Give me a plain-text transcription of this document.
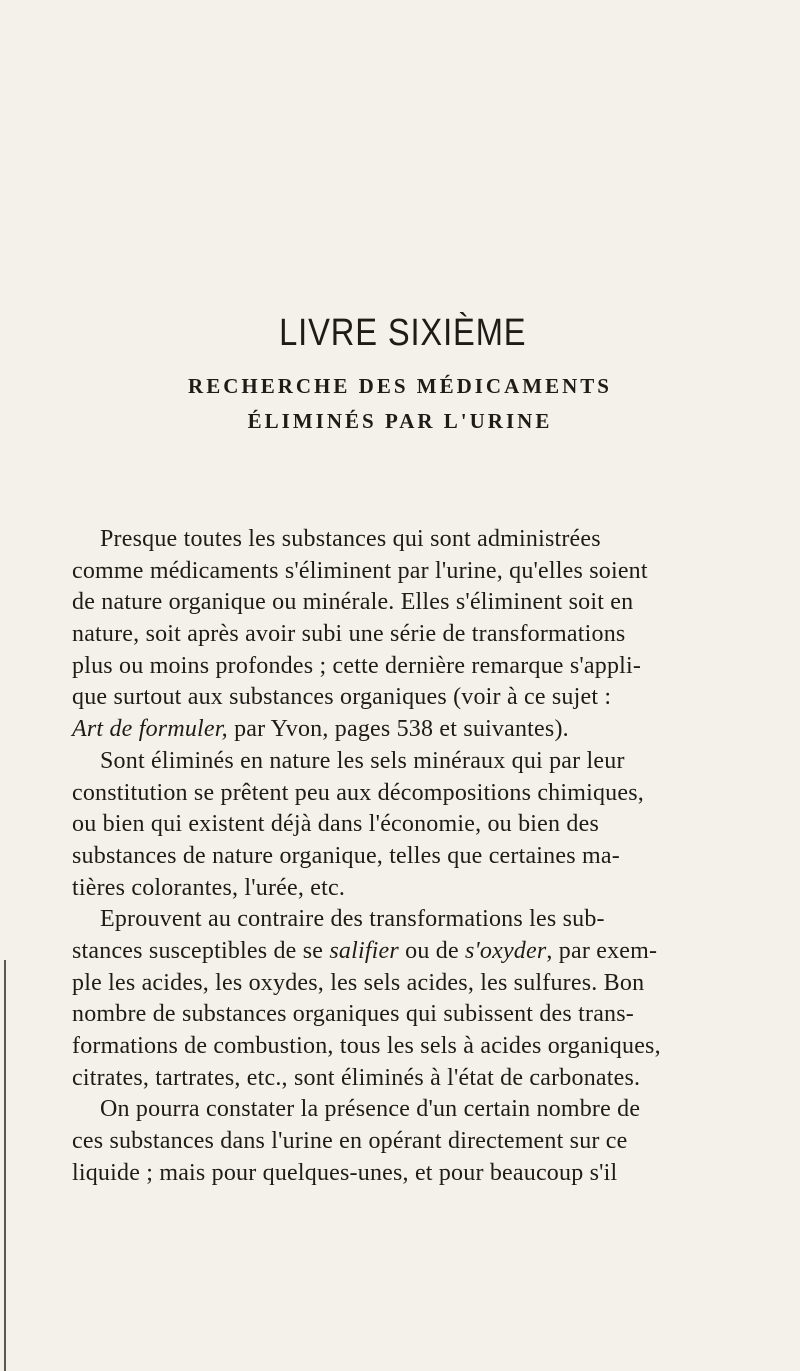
LIVRE SIXIÈME
RECHERCHE DES MÉDICAMENTS
ÉLIMINÉS PAR L'URINE
Presque toutes les substances qui sont administrées
comme médicaments s'éliminent par l'urine, qu'elles soient
de nature organique ou minérale. Elles s'éliminent soit en
nature, soit après avoir subi une série de transformations
plus ou moins profondes ; cette dernière remarque s'appli-
que surtout aux substances organiques (voir à ce sujet :
Art de formuler, par Yvon, pages 538 et suivantes).
Sont éliminés en nature les sels minéraux qui par leur
constitution se prêtent peu aux décompositions chimiques,
ou bien qui existent déjà dans l'économie, ou bien des
substances de nature organique, telles que certaines ma-
tières colorantes, l'urée, etc.
Eprouvent au contraire des transformations les sub-
stances susceptibles de se salifier ou de s'oxyder, par exem-
ple les acides, les oxydes, les sels acides, les sulfures. Bon
nombre de substances organiques qui subissent des trans-
formations de combustion, tous les sels à acides organiques,
citrates, tartrates, etc., sont éliminés à l'état de carbonates.
On pourra constater la présence d'un certain nombre de
ces substances dans l'urine en opérant directement sur ce
liquide ; mais pour quelques-unes, et pour beaucoup s'il
